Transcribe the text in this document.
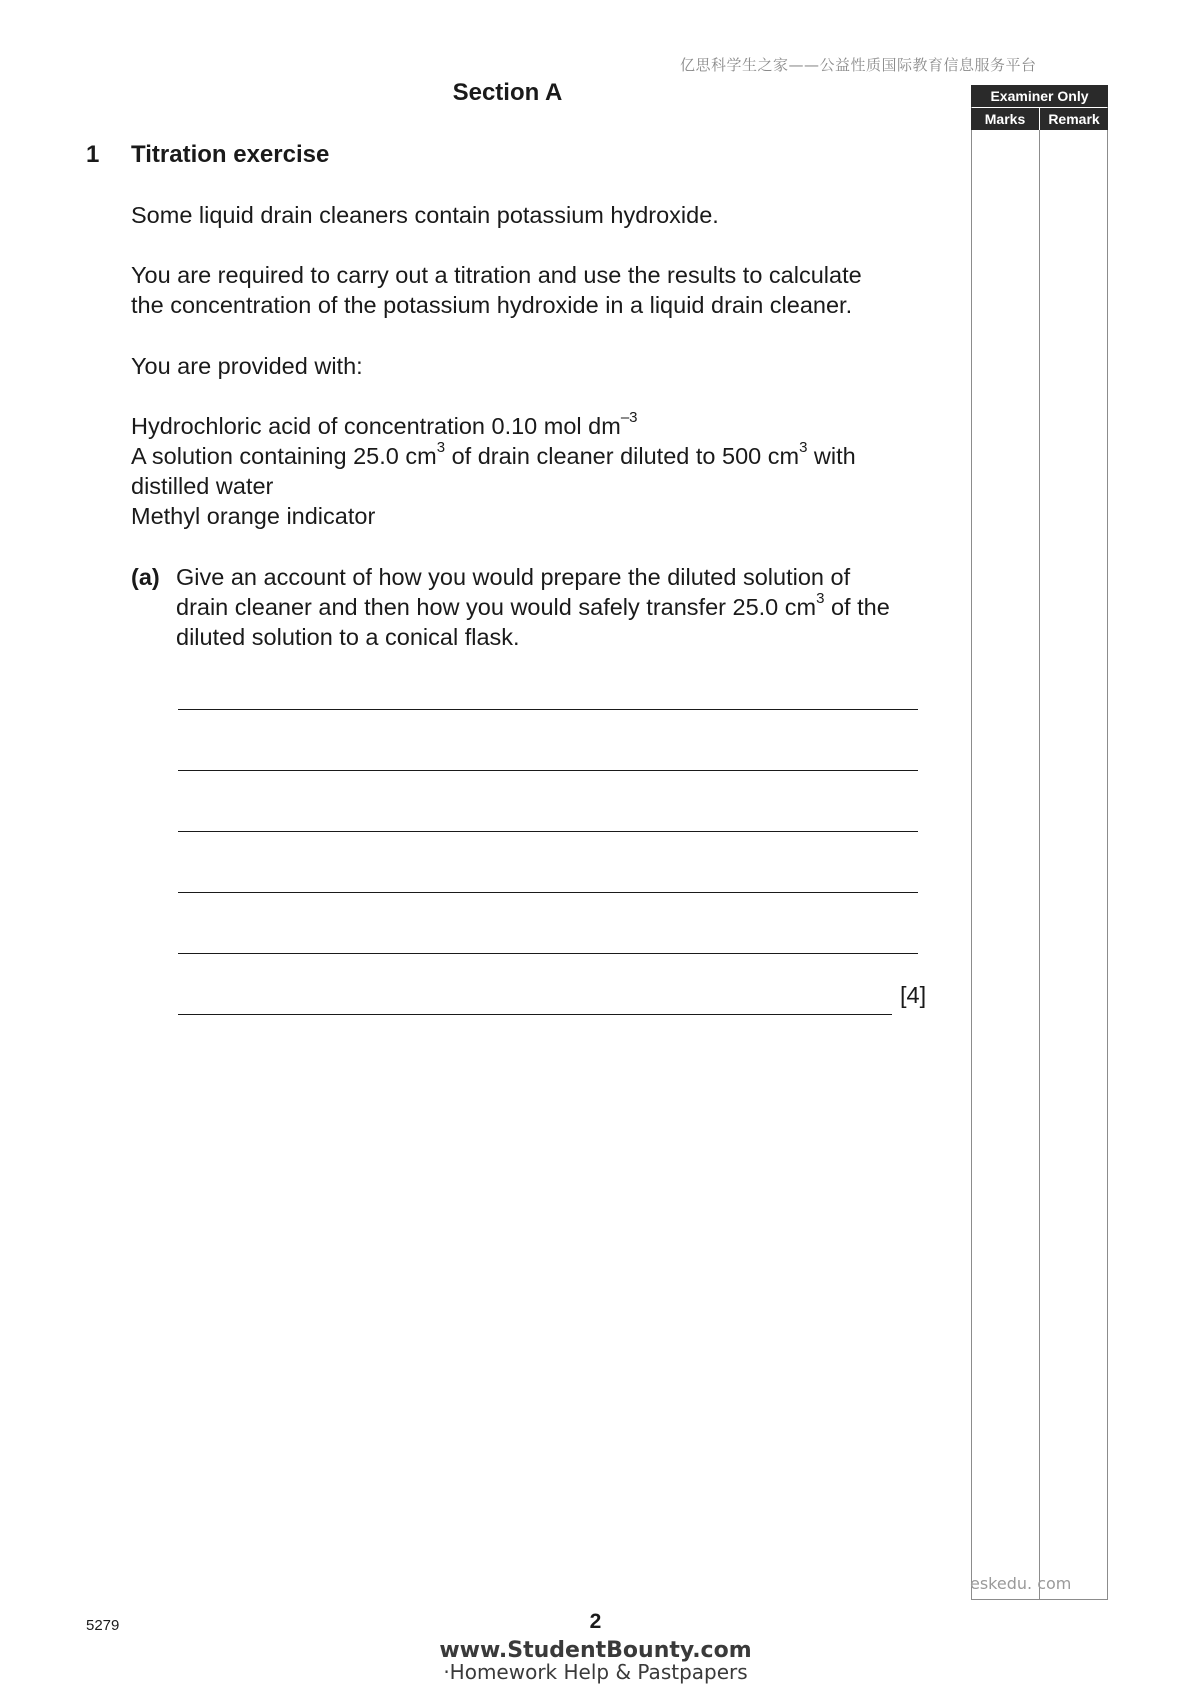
亿思科学生之家——公益性质国际教育信息服务平台
Section A	Examiner Only
Marks	Remark
1 Titration exercise
Some liquid drain cleaners contain potassium hydroxide.
You are required to carry out a titration and use the results to calculate
the concentration of the potassium hydroxide in a liquid drain cleaner.
You are provided with:
Hydrochloric acid of concentration 0.10 mol $dm^{-3}$
A solution containing 25.0 $cm^3$ of drain cleaner diluted to 500 $cm^3$ with
distilled water
Methyl orange indicator
(a) Give an account of how you would prepare the diluted solution of
drain cleaner and then how you would safely transfer 25.0 $cm^3$ of the
diluted solution to a conical flask.
[4]
eskedu. com
5279	2
www.StudentBounty.com
·Homework Help & Pastpapers
